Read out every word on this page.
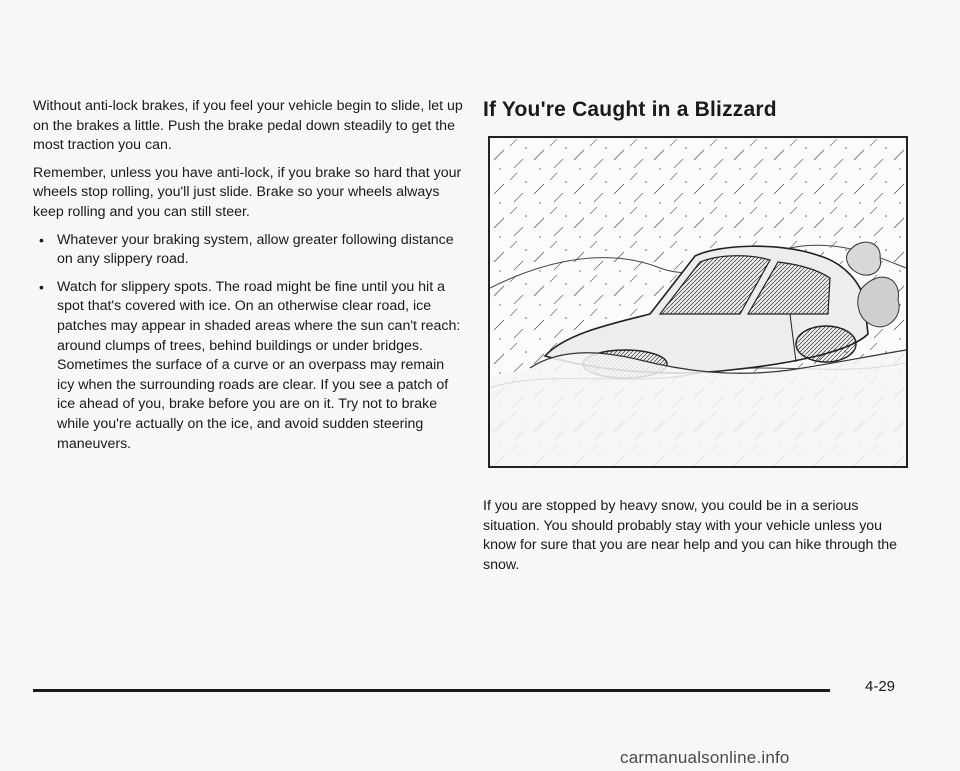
Without anti-lock brakes, if you feel your vehicle begin to slide, let up on the brakes a little. Push the brake pedal down steadily to get the most traction you can.

Remember, unless you have anti-lock, if you brake so hard that your wheels stop rolling, you'll just slide. Brake so your wheels always keep rolling and you can still steer.

• Whatever your braking system, allow greater following distance on any slippery road.
• Watch for slippery spots. The road might be fine until you hit a spot that's covered with ice. On an otherwise clear road, ice patches may appear in shaded areas where the sun can't reach: around clumps of trees, behind buildings or under bridges. Sometimes the surface of a curve or an overpass may remain icy when the surrounding roads are clear. If you see a patch of ice ahead of you, brake before you are on it. Try not to brake while you're actually on the ice, and avoid sudden steering maneuvers.
If You're Caught in a Blizzard
If you are stopped by heavy snow, you could be in a serious situation. You should probably stay with your vehicle unless you know for sure that you are near help and you can hike through the snow.
4-29
carmanualsonline.info
